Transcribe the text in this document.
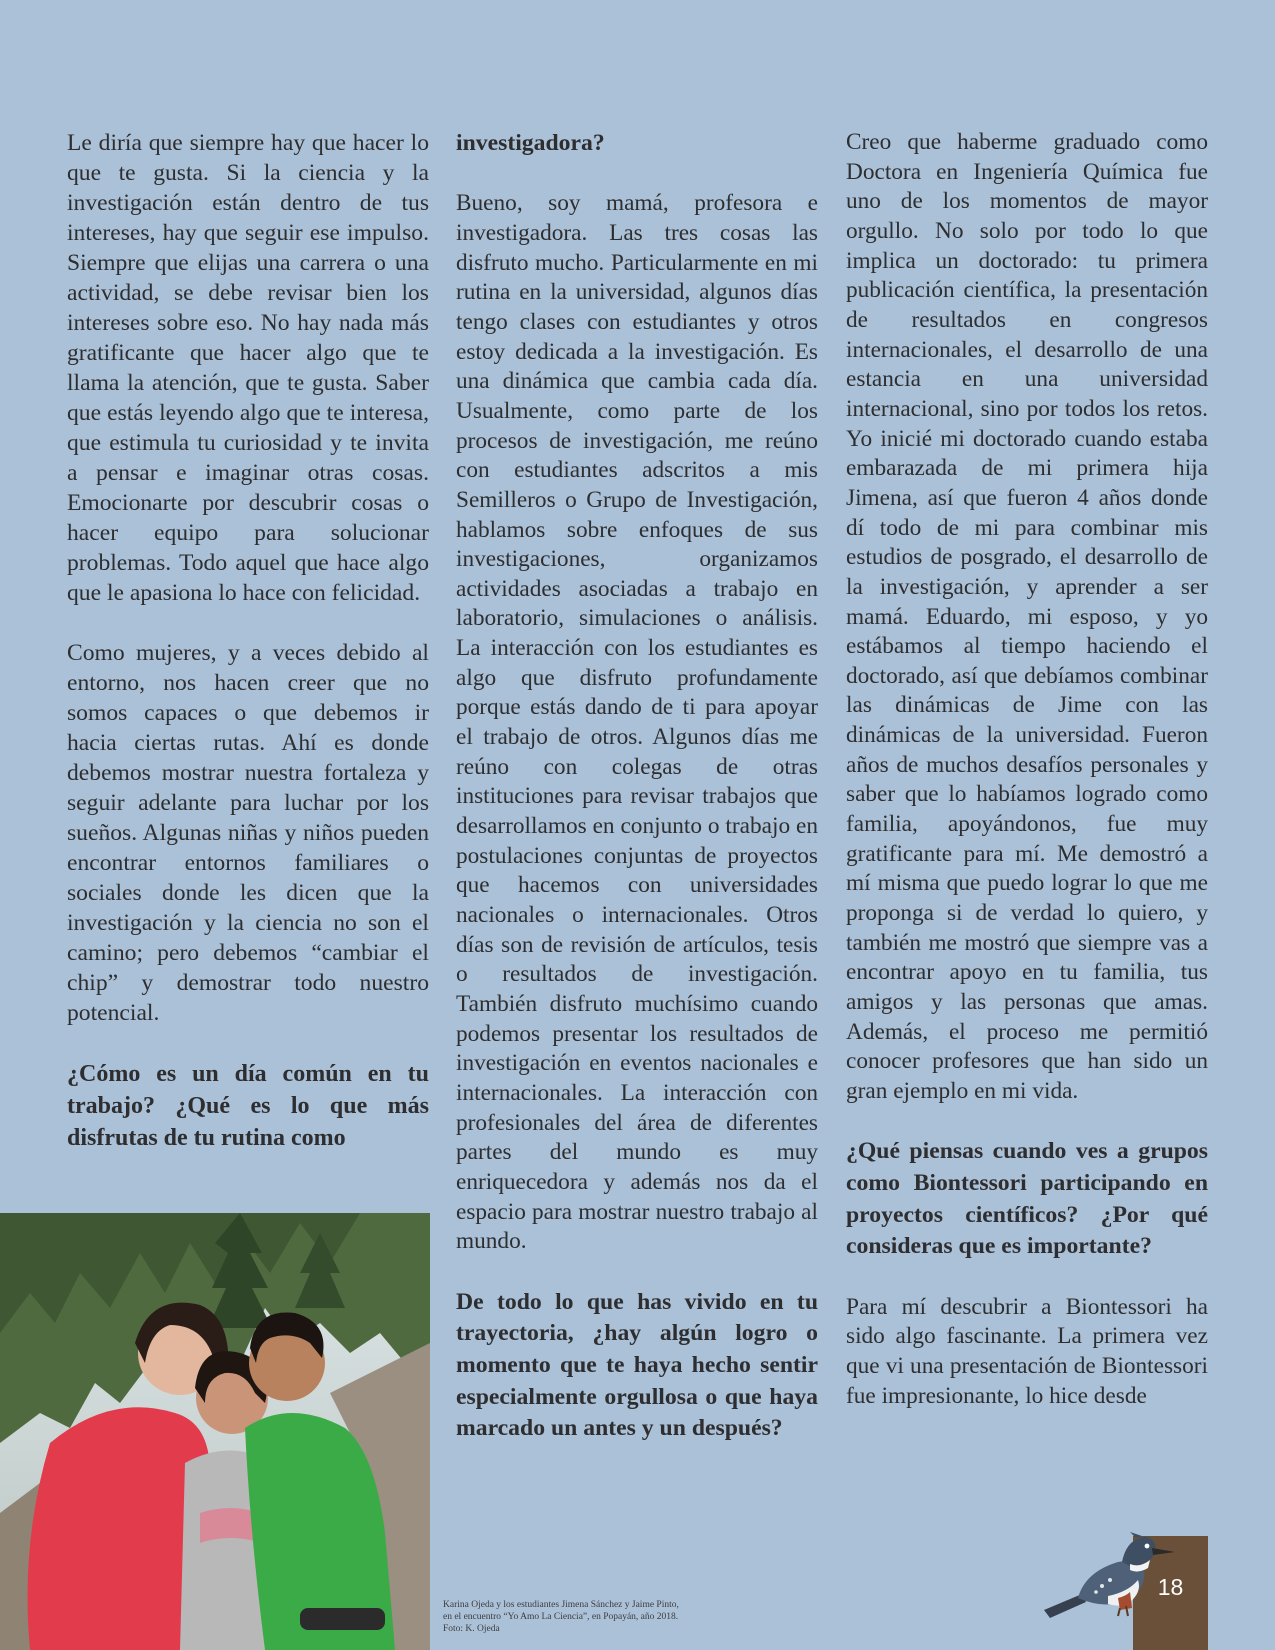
Le diría que siempre hay que hacer lo que te gusta. Si la ciencia y la investigación están dentro de tus intereses, hay que seguir ese impulso. Siempre que elijas una carrera o una actividad, se debe revisar bien los intereses sobre eso. No hay nada más gratificante que hacer algo que te llama la atención, que te gusta. Saber que estás leyendo algo que te interesa, que estimula tu curiosidad y te invita a pensar e imaginar otras cosas. Emocionarte por descubrir cosas o hacer equipo para solucionar problemas. Todo aquel que hace algo que le apasiona lo hace con felicidad.

Como mujeres, y a veces debido al entorno, nos hacen creer que no somos capaces o que debemos ir hacia ciertas rutas. Ahí es donde debemos mostrar nuestra fortaleza y seguir adelante para luchar por los sueños. Algunas niñas y niños pueden encontrar entornos familiares o sociales donde les dicen que la investigación y la ciencia no son el camino; pero debemos “cambiar el chip” y demostrar todo nuestro potencial.

¿Cómo es un día común en tu trabajo? ¿Qué es lo que más disfrutas de tu rutina como
investigadora?

Bueno, soy mamá, profesora e investigadora. Las tres cosas las disfruto mucho. Particularmente en mi rutina en la universidad, algunos días tengo clases con estudiantes y otros estoy dedicada a la investigación. Es una dinámica que cambia cada día. Usualmente, como parte de los procesos de investigación, me reúno con estudiantes adscritos a mis Semilleros o Grupo de Investigación, hablamos sobre enfoques de sus investigaciones, organizamos actividades asociadas a trabajo en laboratorio, simulaciones o análisis. La interacción con los estudiantes es algo que disfruto profundamente porque estás dando de ti para apoyar el trabajo de otros. Algunos días me reúno con colegas de otras instituciones para revisar trabajos que desarrollamos en conjunto o trabajo en postulaciones conjuntas de proyectos que hacemos con universidades nacionales o internacionales. Otros días son de revisión de artículos, tesis o resultados de investigación. También disfruto muchísimo cuando podemos presentar los resultados de investigación en eventos nacionales e internacionales. La interacción con profesionales del área de diferentes partes del mundo es muy enriquecedora y además nos da el espacio para mostrar nuestro trabajo al mundo.

De todo lo que has vivido en tu trayectoria, ¿hay algún logro o momento que te haya hecho sentir especialmente orgullosa o que haya marcado un antes y un después?

Creo que haberme graduado como Doctora en Ingeniería Química fue uno de los momentos de mayor orgullo. No solo por todo lo que implica un doctorado: tu primera publicación científica, la presentación de resultados en congresos internacionales, el desarrollo de una estancia en una universidad internacional, sino por todos los retos. Yo inicié mi doctorado cuando estaba embarazada de mi primera hija Jimena, así que fueron 4 años donde dí todo de mi para combinar mis estudios de posgrado, el desarrollo de la investigación, y aprender a ser mamá. Eduardo, mi esposo, y yo estábamos al tiempo haciendo el doctorado, así que debíamos combinar las dinámicas de Jime con las dinámicas de la universidad. Fueron años de muchos desafíos personales y saber que lo habíamos logrado como familia, apoyándonos, fue muy gratificante para mí. Me demostró a mí misma que puedo lograr lo que me proponga si de verdad lo quiero, y también me mostró que siempre vas a encontrar apoyo en tu familia, tus amigos y las personas que amas. Además, el proceso me permitió conocer profesores que han sido un gran ejemplo en mi vida.

¿Qué piensas cuando ves a grupos como Biontessori participando en proyectos científicos? ¿Por qué consideras que es importante?

Para mí descubrir a Biontessori ha sido algo fascinante. La primera vez que vi una presentación de Biontessori fue impresionante, lo hice desde

Karina Ojeda y los estudiantes Jimena Sánchez y Jaime Pinto,
en el encuentro “Yo Amo La Ciencia”, en Popayán, año 2018.
Foto: K. Ojeda
18
